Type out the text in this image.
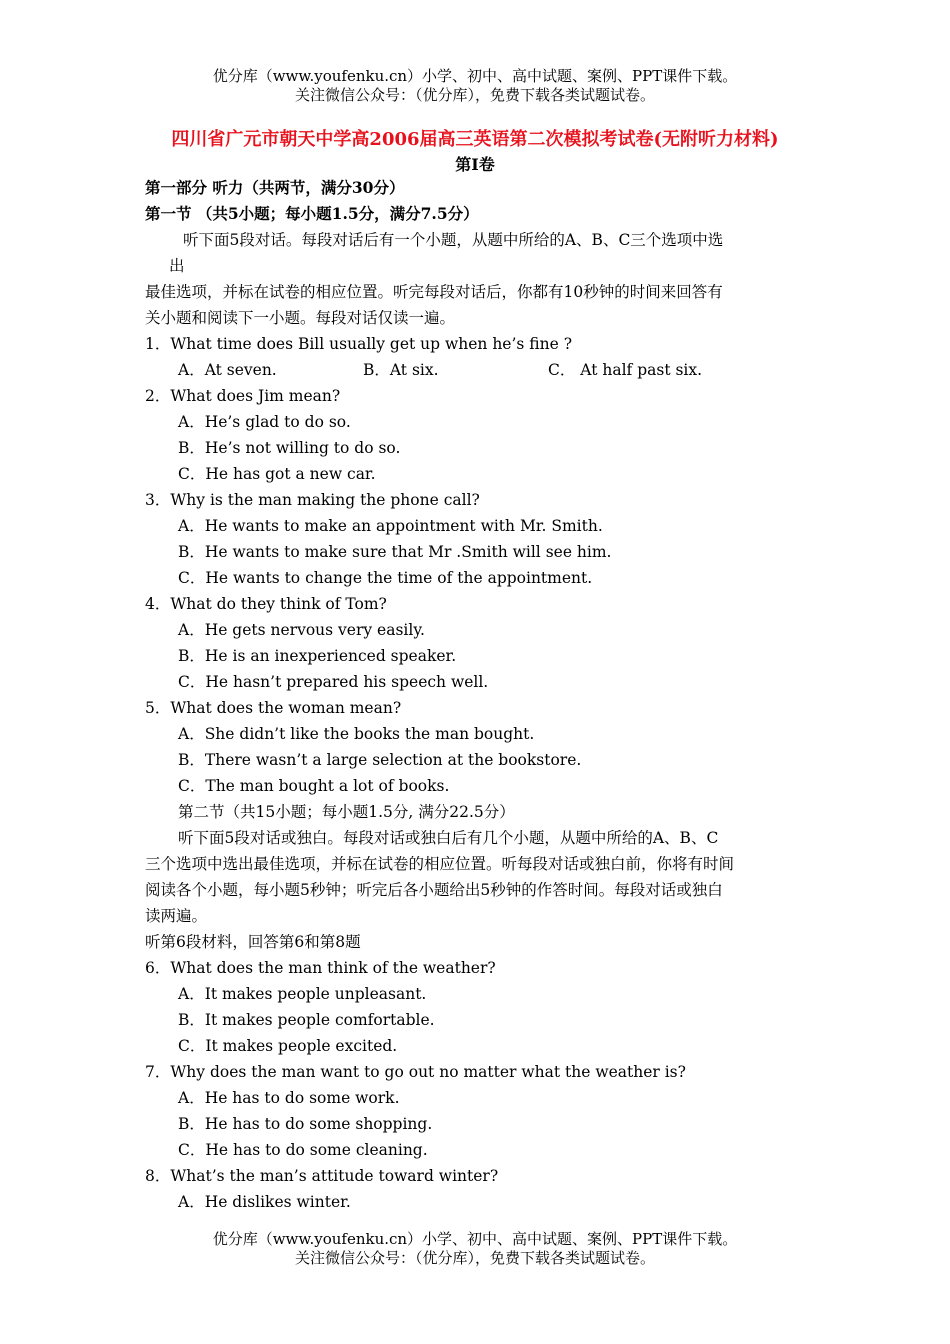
优分库（www.youfenku.cn）小学、初中、高中试题、案例、PPT课件下载。
关注微信公众号：（优分库），免费下载各类试题试卷。
四川省广元市朝天中学高2006届高三英语第二次模拟考试卷(无附听力材料)
第Ⅰ卷
第一部分 听力（共两节，满分30分）
第一节 （共5小题；每小题1.5分，满分7.5分）
听下面5段对话。每段对话后有一个小题，从题中所给的A、B、C三个选项中选
出
最佳选项，并标在试卷的相应位置。听完每段对话后，你都有10秒钟的时间来回答有
关小题和阅读下一小题。每段对话仅读一遍。
1．What time does Bill usually get up when he’s fine ?
A．At seven.	B．At six.	C． At half past six.
2．What does Jim mean?
A．He’s glad to do so.
B．He’s not willing to do so.
C．He has got a new car.
3．Why is the man making the phone call?
A．He wants to make an appointment with Mr. Smith.
B．He wants to make sure that Mr .Smith will see him.
C．He wants to change the time of the appointment.
4．What do they think of Tom?
A．He gets nervous very easily.
B．He is an inexperienced speaker.
C．He hasn’t prepared his speech well.
5．What does the woman mean?
A．She didn’t like the books the man bought.
B．There wasn’t a large selection at the bookstore.
C．The man bought a lot of books.
第二节（共15小题；每小题1.5分, 满分22.5分）
听下面5段对话或独白。每段对话或独白后有几个小题，从题中所给的A、B、C
三个选项中选出最佳选项，并标在试卷的相应位置。听每段对话或独白前，你将有时间
阅读各个小题，每小题5秒钟；听完后各小题给出5秒钟的作答时间。每段对话或独白
读两遍。
听第6段材料，回答第6和第8题
6．What does the man think of the weather?
A．It makes people unpleasant.
B．It makes people comfortable.
C．It makes people excited.
7．Why does the man want to go out no matter what the weather is?
A．He has to do some work.
B．He has to do some shopping.
C．He has to do some cleaning.
8．What’s the man’s attitude toward winter?
A．He dislikes winter.
优分库（www.youfenku.cn）小学、初中、高中试题、案例、PPT课件下载。
关注微信公众号：（优分库），免费下载各类试题试卷。
